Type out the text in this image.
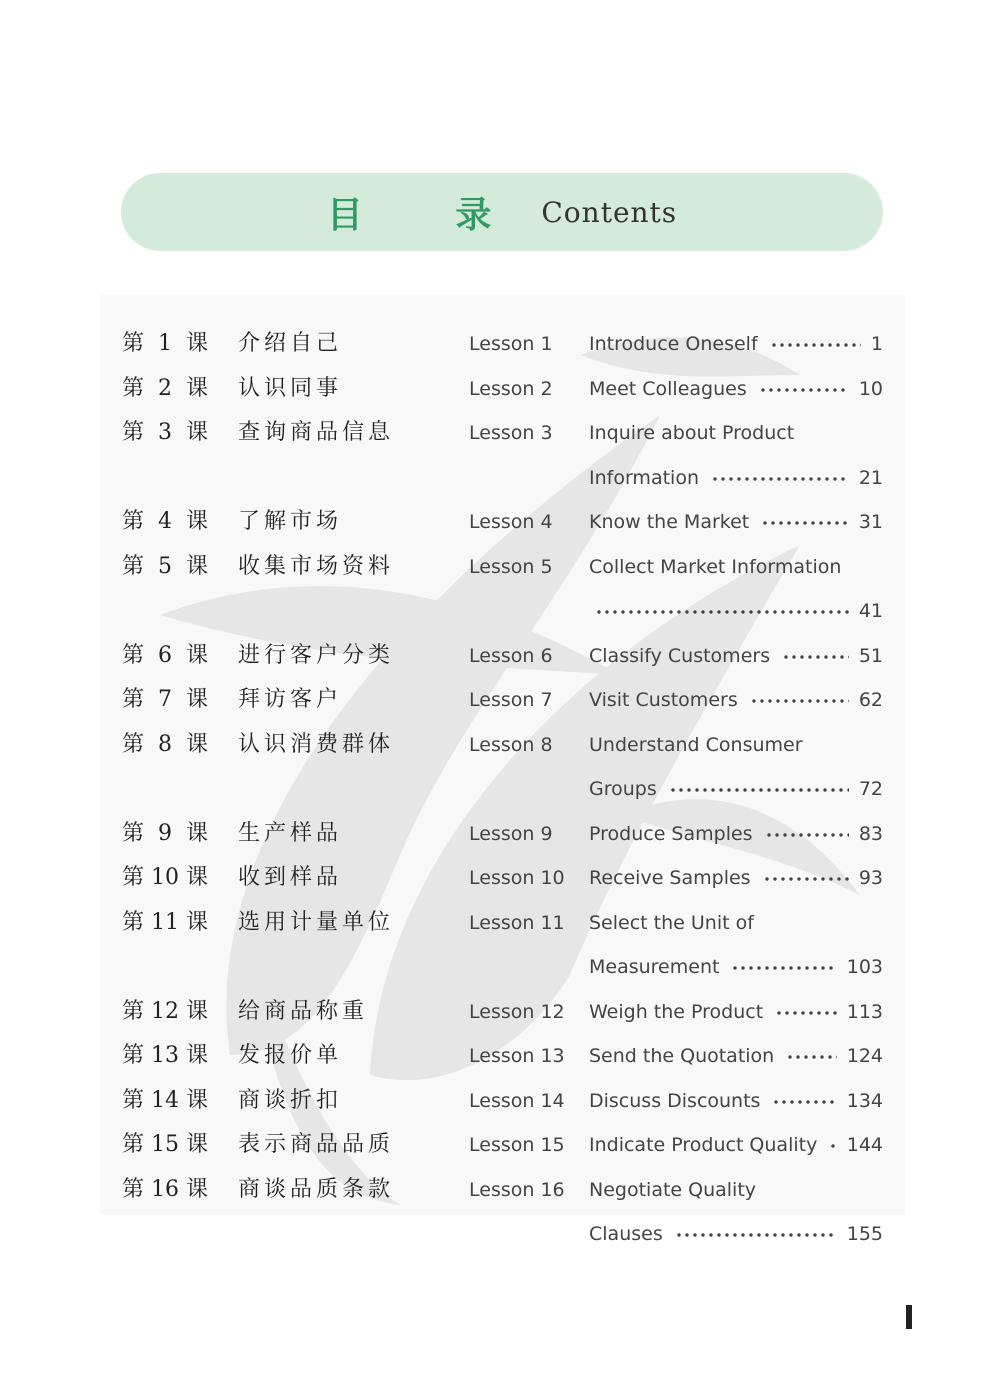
目 录 Contents
第 1 课 介绍自己	Lesson 1 Introduce Oneself	1
第 2 课 认识同事	Lesson 2 Meet Colleagues	10
第 3 课 查询商品信息	Lesson 3 Inquire about Product
Information	21
第 4 课 了解市场	Lesson 4 Know the Market	31
第 5 课 收集市场资料	Lesson 5 Collect Market Information
41
第 6 课 进行客户分类	Lesson 6 Classify Customers	51
第 7 课 拜访客户	Lesson 7 Visit Customers	62
第 8 课 认识消费群体	Lesson 8 Understand Consumer
Groups	72
第 9 课 生产样品	Lesson 9 Produce Samples	83
第 10 课 收到样品	Lesson 10 Receive Samples	93
第 11 课 选用计量单位	Lesson 11 Select the Unit of
Measurement	103
第 12 课 给商品称重	Lesson 12 Weigh the Product	113
第 13 课 发报价单	Lesson 13 Send the Quotation	124
第 14 课 商谈折扣	Lesson 14 Discuss Discounts	134
第 15 课 表示商品品质	Lesson 15 Indicate Product Quality 144
第 16 课 商谈品质条款	Lesson 16 Negotiate Quality
Clauses	155
